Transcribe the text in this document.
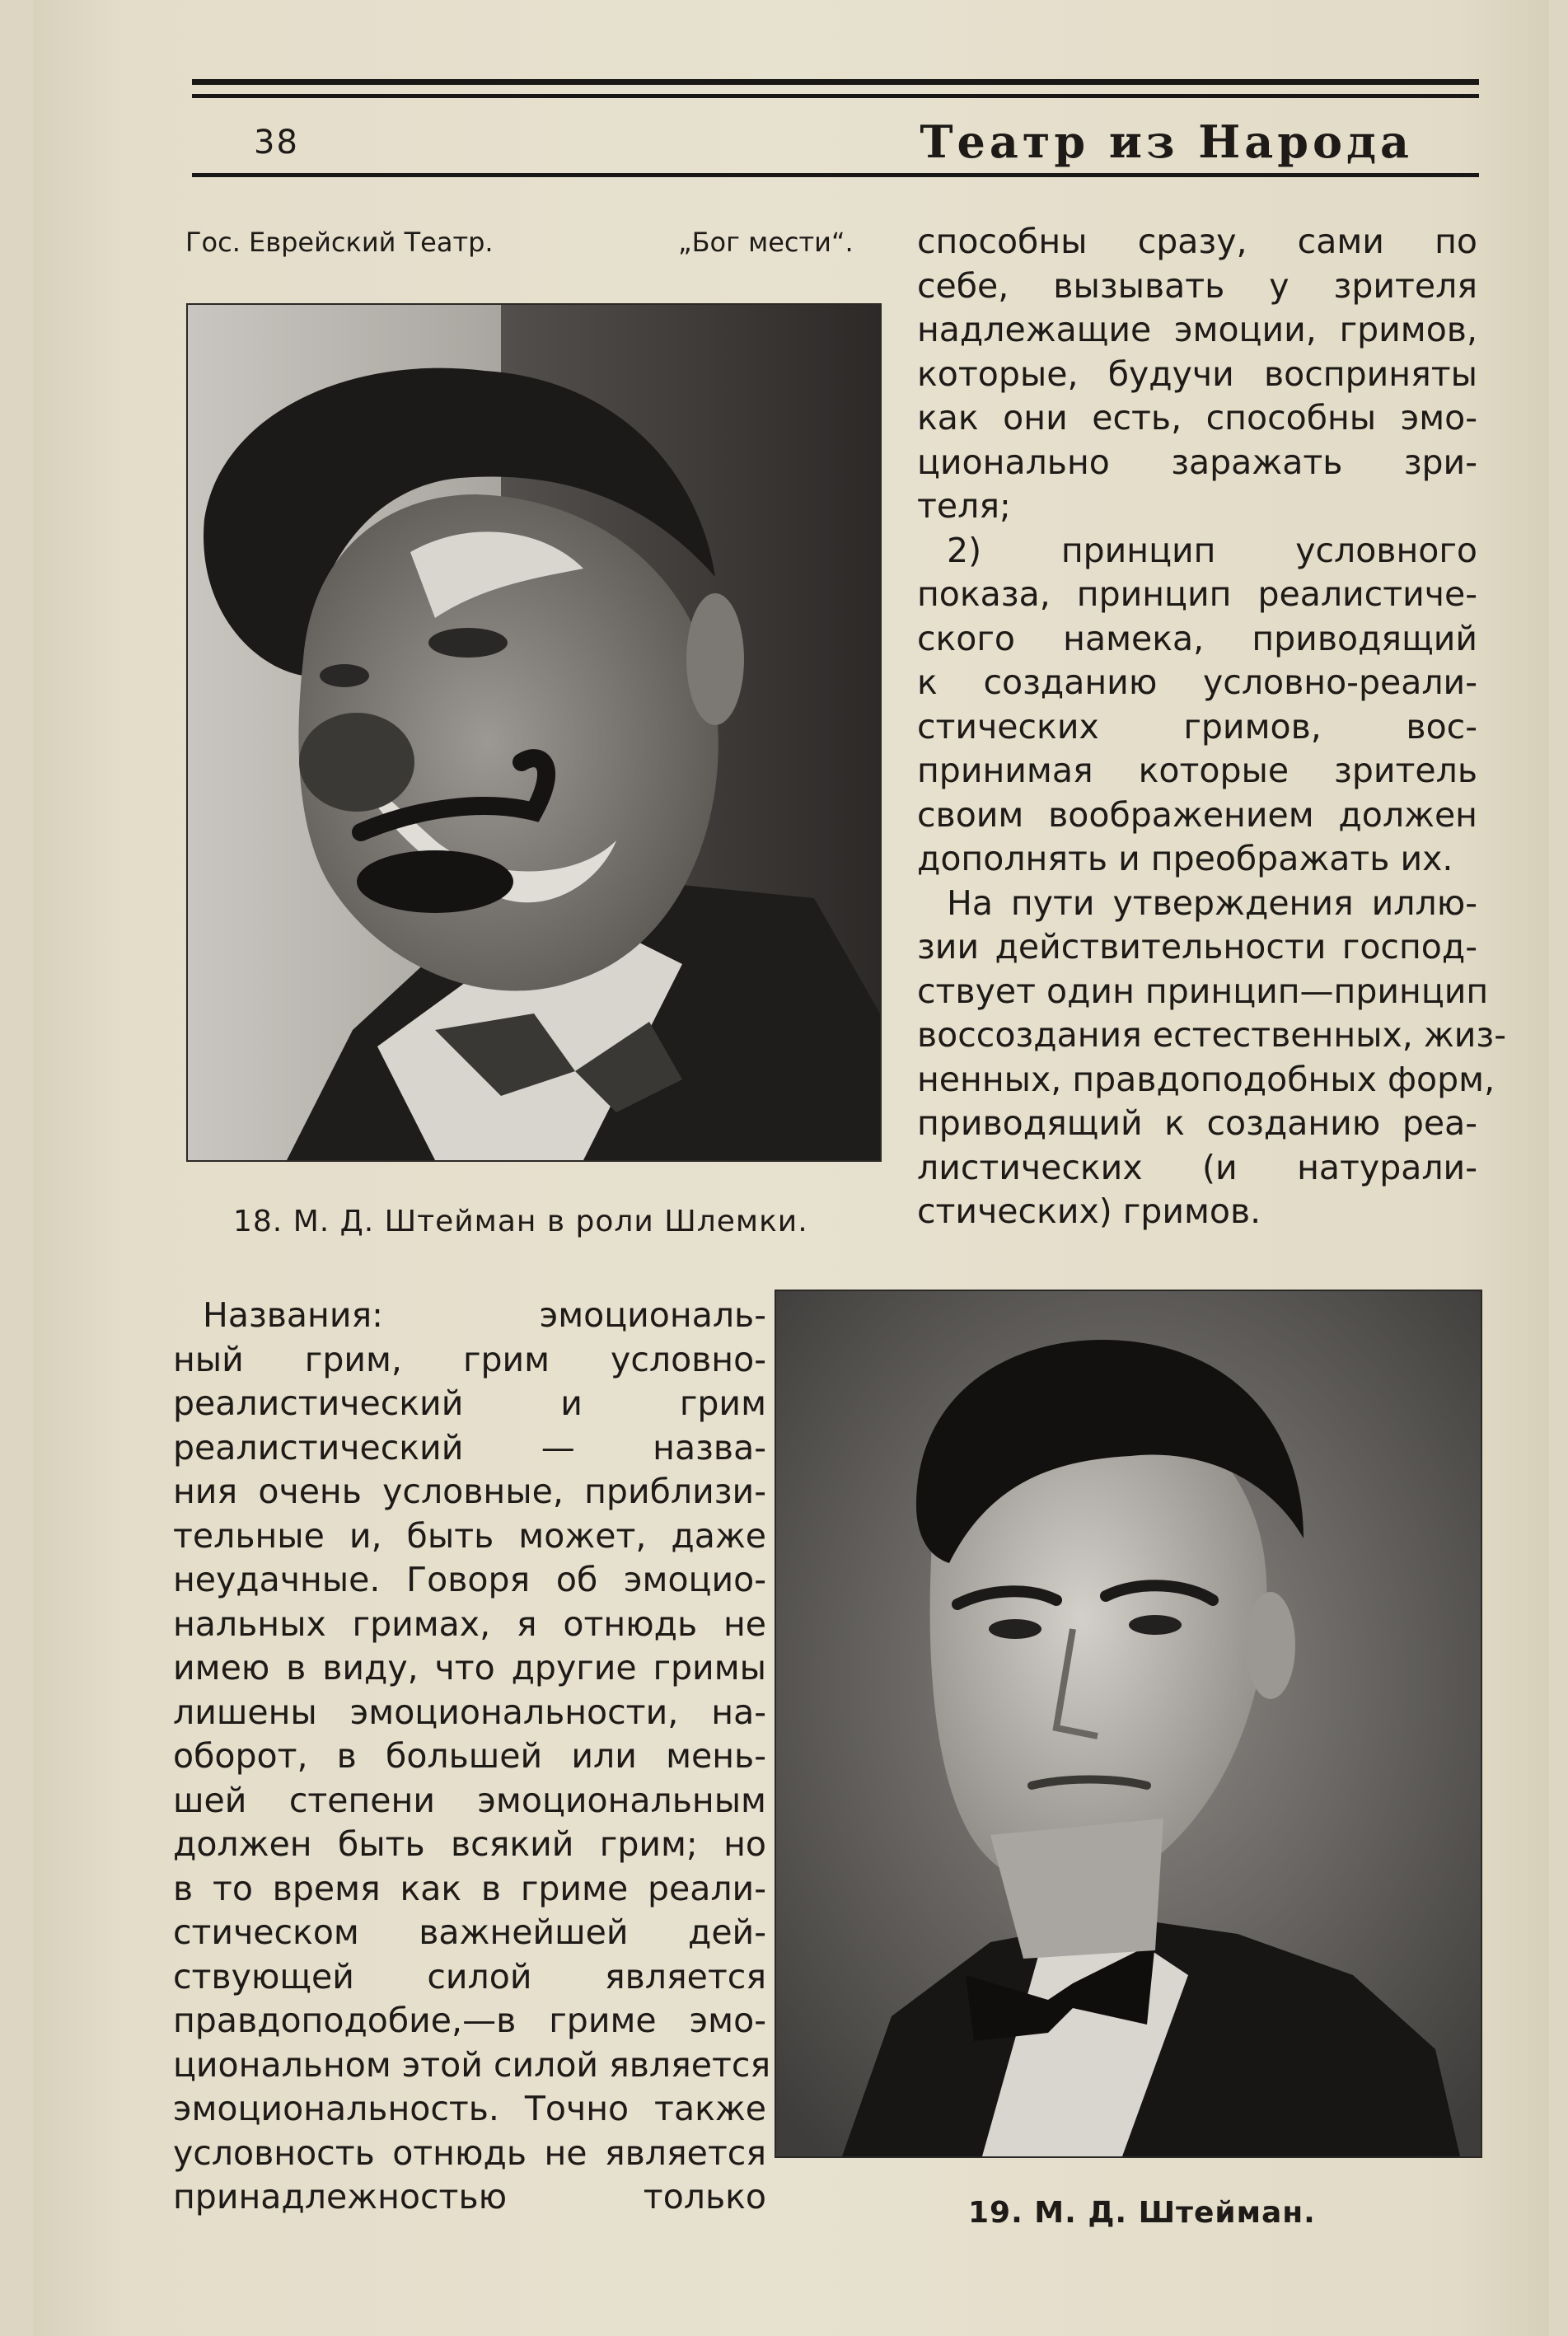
38	Театр из Народа
Гос. Еврейский Театр.	„Бог мести“.
18. М. Д. Штейман в роли Шлемки.
способны сразу, сами по
себе, вызывать у зрителя
надлежащие эмоции, гримов,
которые, будучи восприняты
как они есть, способны эмо-
ционально заражать зри-
теля;
2) принцип условного
показа, принцип реалистиче-
ского намека, приводящий
к созданию условно-реали-
стических гримов, вос-
принимая которые зритель
своим воображением должен
дополнять и преображать их.
На пути утверждения иллю-
зии действительности господ-
ствует один принцип—принцип
воссоздания естественных, жиз-
ненных, правдоподобных форм,
приводящий к созданию реа-
листических (и натурали-
стических) гримов.
Названия: эмоциональ-
ный грим, грим условно-
реалистический и грим
реалистический — назва-
ния очень условные, приблизи-
тельные и, быть может, даже
неудачные. Говоря об эмоцио-
нальных гримах, я отнюдь не
имею в виду, что другие гримы
лишены эмоциональности, на-
оборот, в большей или мень-
шей степени эмоциональным
должен быть всякий грим; но
в то время как в гриме реали-
стическом важнейшей дей-
ствующей силой является
правдоподобие,—в гриме эмо-
циональном этой силой является
эмоциональность. Точно также
условность отнюдь не является
принадлежностью только	19. М. Д. Штейман.
